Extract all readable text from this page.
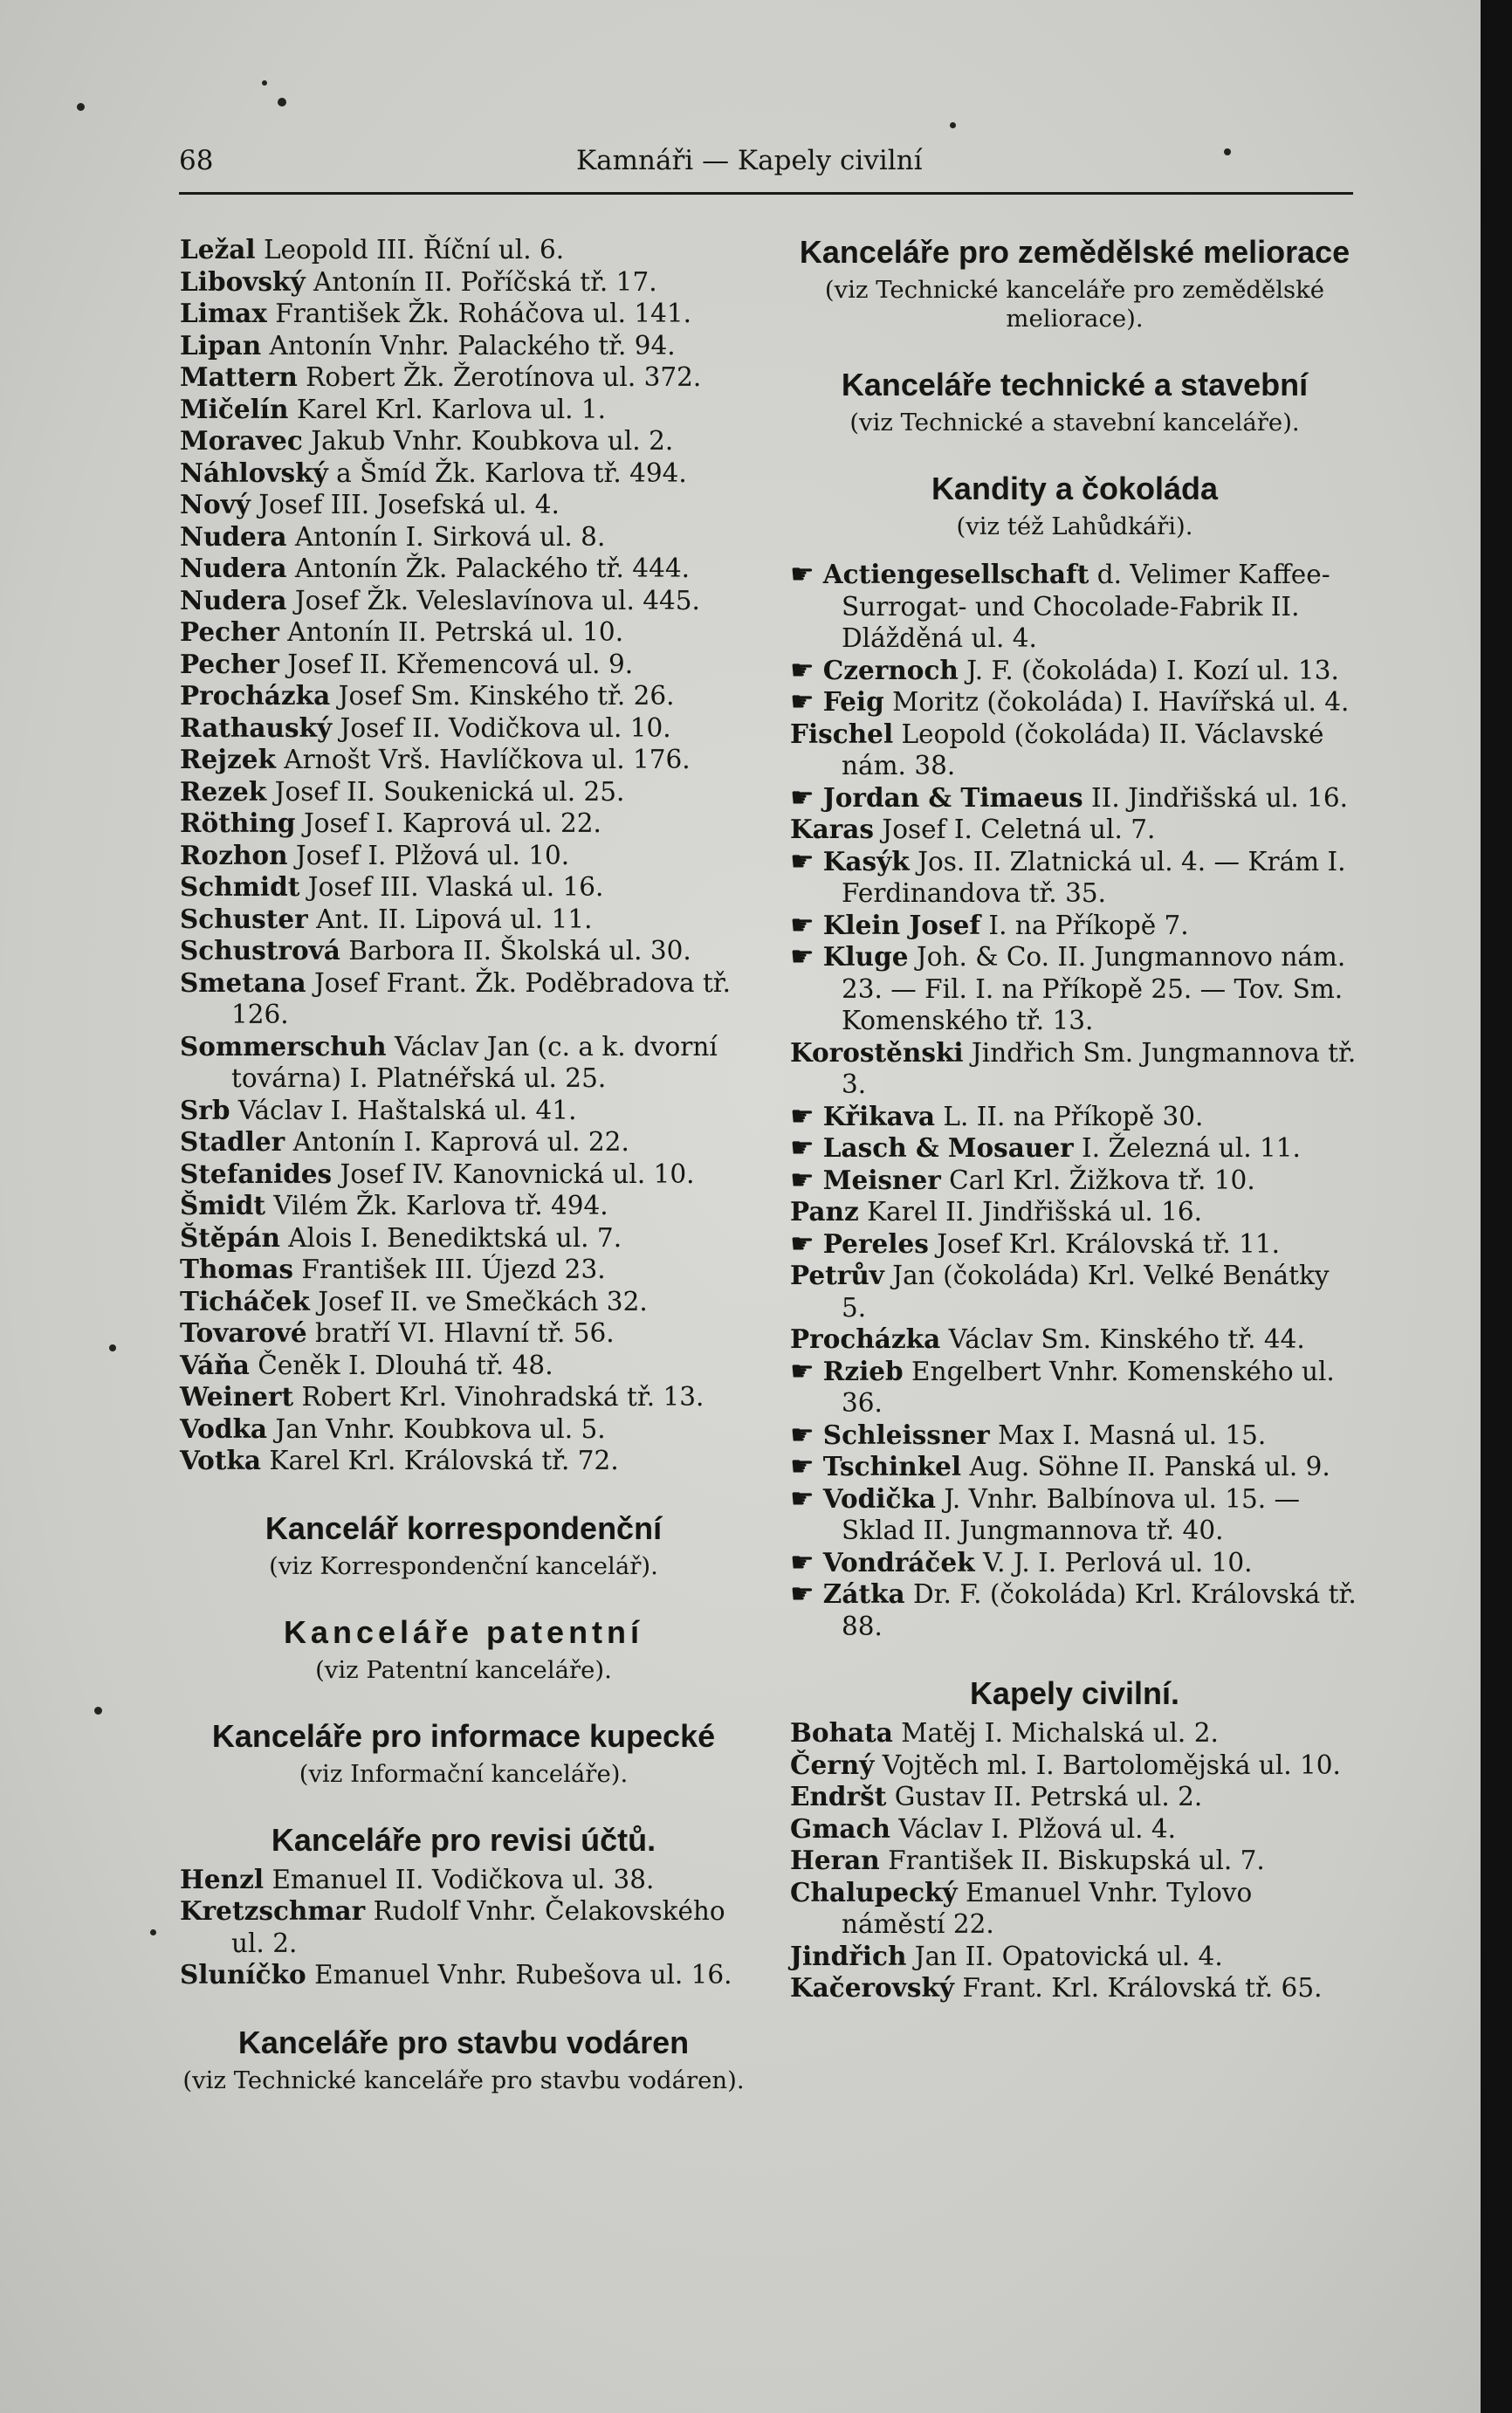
68	Kamnáři — Kapely civilní
Ležal Leopold III. Říční ul. 6.
Libovský Antonín II. Poříčská tř. 17.
Limax František Žk. Roháčova ul. 141.
Lipan Antonín Vnhr. Palackého tř. 94.
Mattern Robert Žk. Žerotínova ul. 372.
Mičelín Karel Krl. Karlova ul. 1.
Moravec Jakub Vnhr. Koubkova ul. 2.
Náhlovský a Šmíd Žk. Karlova tř. 494.
Nový Josef III. Josefská ul. 4.
Nudera Antonín I. Sirková ul. 8.
Nudera Antonín Žk. Palackého tř. 444.
Nudera Josef Žk. Veleslavínova ul. 445.
Pecher Antonín II. Petrská ul. 10.
Pecher Josef II. Křemencová ul. 9.
Procházka Josef Sm. Kinského tř. 26.
Rathauský Josef II. Vodičkova ul. 10.
Rejzek Arnošt Vrš. Havlíčkova ul. 176.
Rezek Josef II. Soukenická ul. 25.
Röthing Josef I. Kaprová ul. 22.
Rozhon Josef I. Plžová ul. 10.
Schmidt Josef III. Vlaská ul. 16.
Schuster Ant. II. Lipová ul. 11.
Schustrová Barbora II. Školská ul. 30.
Smetana Josef Frant. Žk. Poděbradova tř. 126.
Sommerschuh Václav Jan (c. a k. dvorní továrna) I. Platnéřská ul. 25.
Srb Václav I. Haštalská ul. 41.
Stadler Antonín I. Kaprová ul. 22.
Stefanides Josef IV. Kanovnická ul. 10.
Šmidt Vilém Žk. Karlova tř. 494.
Štěpán Alois I. Benediktská ul. 7.
Thomas František III. Újezd 23.
Ticháček Josef II. ve Smečkách 32.
Tovarové bratří VI. Hlavní tř. 56.
Váňa Čeněk I. Dlouhá tř. 48.
Weinert Robert Krl. Vinohradská tř. 13.
Vodka Jan Vnhr. Koubkova ul. 5.
Votka Karel Krl. Královská tř. 72.
Kancelář korrespondenční
(viz Korrespondenční kancelář).
Kanceláře patentní
(viz Patentní kanceláře).
Kanceláře pro informace kupecké
(viz Informační kanceláře).
Kanceláře pro revisi účtů.
Henzl Emanuel II. Vodičkova ul. 38.
Kretzschmar Rudolf Vnhr. Čelakovského ul. 2.
Sluníčko Emanuel Vnhr. Rubešova ul. 16.
Kanceláře pro stavbu vodáren
(viz Technické kanceláře pro stavbu vodáren).
Kanceláře pro zemědělské meliorace
(viz Technické kanceláře pro zemědělské meliorace).
Kanceláře technické a stavební
(viz Technické a stavební kanceláře).
Kandity a čokoláda
(viz též Lahůdkáři).
☛ Actiengesellschaft d. Velimer Kaffee-Surrogat- und Chocolade-Fabrik II. Dlážděná ul. 4.
☛ Czernoch J. F. (čokoláda) I. Kozí ul. 13.
☛ Feig Moritz (čokoláda) I. Havířská ul. 4.
Fischel Leopold (čokoláda) II. Václavské nám. 38.
☛ Jordan & Timaeus II. Jindřišská ul. 16.
Karas Josef I. Celetná ul. 7.
☛ Kasýk Jos. II. Zlatnická ul. 4. — Krám I. Ferdinandova tř. 35.
☛ Klein Josef I. na Příkopě 7.
☛ Kluge Joh. & Co. II. Jungmannovo nám. 23. — Fil. I. na Příkopě 25. — Tov. Sm. Komenského tř. 13.
Korostěnski Jindřich Sm. Jungmannova tř. 3.
☛ Křikava L. II. na Příkopě 30.
☛ Lasch & Mosauer I. Železná ul. 11.
☛ Meisner Carl Krl. Žižkova tř. 10.
Panz Karel II. Jindřišská ul. 16.
☛ Pereles Josef Krl. Královská tř. 11.
Petrův Jan (čokoláda) Krl. Velké Benátky 5.
Procházka Václav Sm. Kinského tř. 44.
☛ Rzieb Engelbert Vnhr. Komenského ul. 36.
☛ Schleissner Max I. Masná ul. 15.
☛ Tschinkel Aug. Söhne II. Panská ul. 9.
☛ Vodička J. Vnhr. Balbínova ul. 15. — Sklad II. Jungmannova tř. 40.
☛ Vondráček V. J. I. Perlová ul. 10.
☛ Zátka Dr. F. (čokoláda) Krl. Královská tř. 88.
Kapely civilní.
Bohata Matěj I. Michalská ul. 2.
Černý Vojtěch ml. I. Bartolomějská ul. 10.
Endršt Gustav II. Petrská ul. 2.
Gmach Václav I. Plžová ul. 4.
Heran František II. Biskupská ul. 7.
Chalupecký Emanuel Vnhr. Tylovo náměstí 22.
Jindřich Jan II. Opatovická ul. 4.
Kačerovský Frant. Krl. Královská tř. 65.
